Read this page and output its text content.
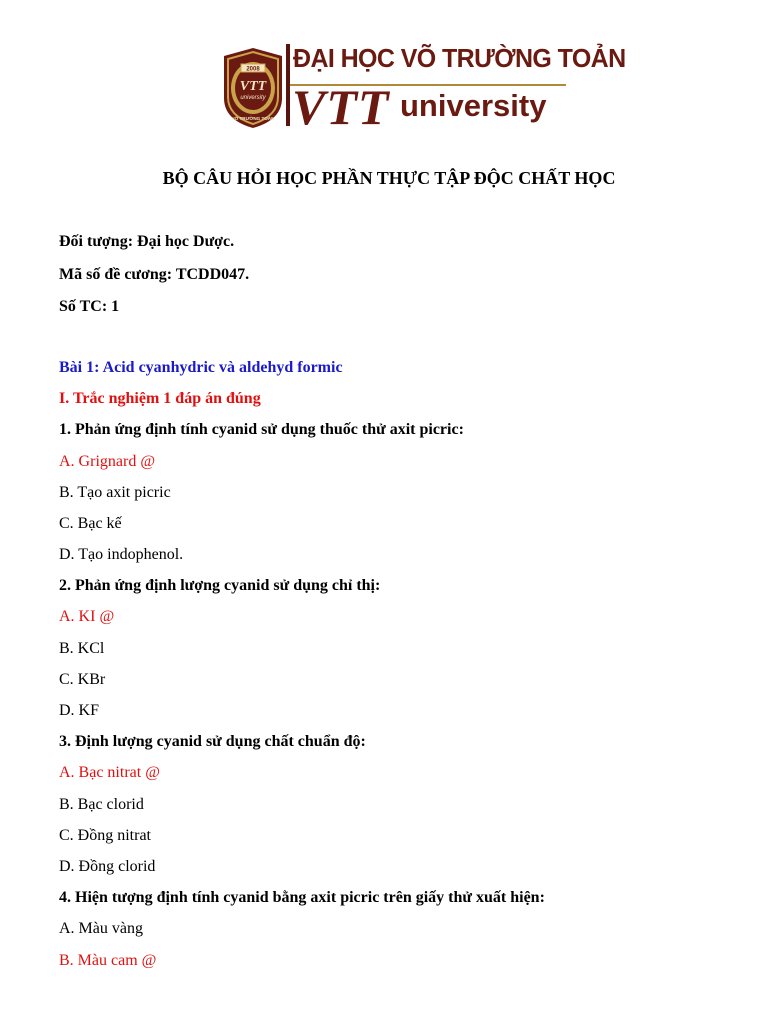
2008
VTT
university
VÕ TRƯỜNG TOẢN
ĐẠI HỌC VÕ TRƯỜNG TOẢN
VTT university
BỘ CÂU HỎI HỌC PHẦN THỰC TẬP ĐỘC CHẤT HỌC
Đối tượng: Đại học Dược.
Mã số đề cương: TCDD047.
Số TC: 1
Bài 1: Acid cyanhydric và aldehyd formic
I. Trắc nghiệm 1 đáp án đúng
1. Phản ứng định tính cyanid sử dụng thuốc thử axit picric:
A. Grignard @
B. Tạo axit picric
C. Bạc kế
D. Tạo indophenol.
2. Phản ứng định lượng cyanid sử dụng chỉ thị:
A. KI @
B. KCl
C. KBr
D. KF
3. Định lượng cyanid sử dụng chất chuẩn độ:
A. Bạc nitrat @
B. Bạc clorid
C. Đồng nitrat
D. Đồng clorid
4. Hiện tượng định tính cyanid bằng axit picric trên giấy thử xuất hiện:
A. Màu vàng
B. Màu cam @
